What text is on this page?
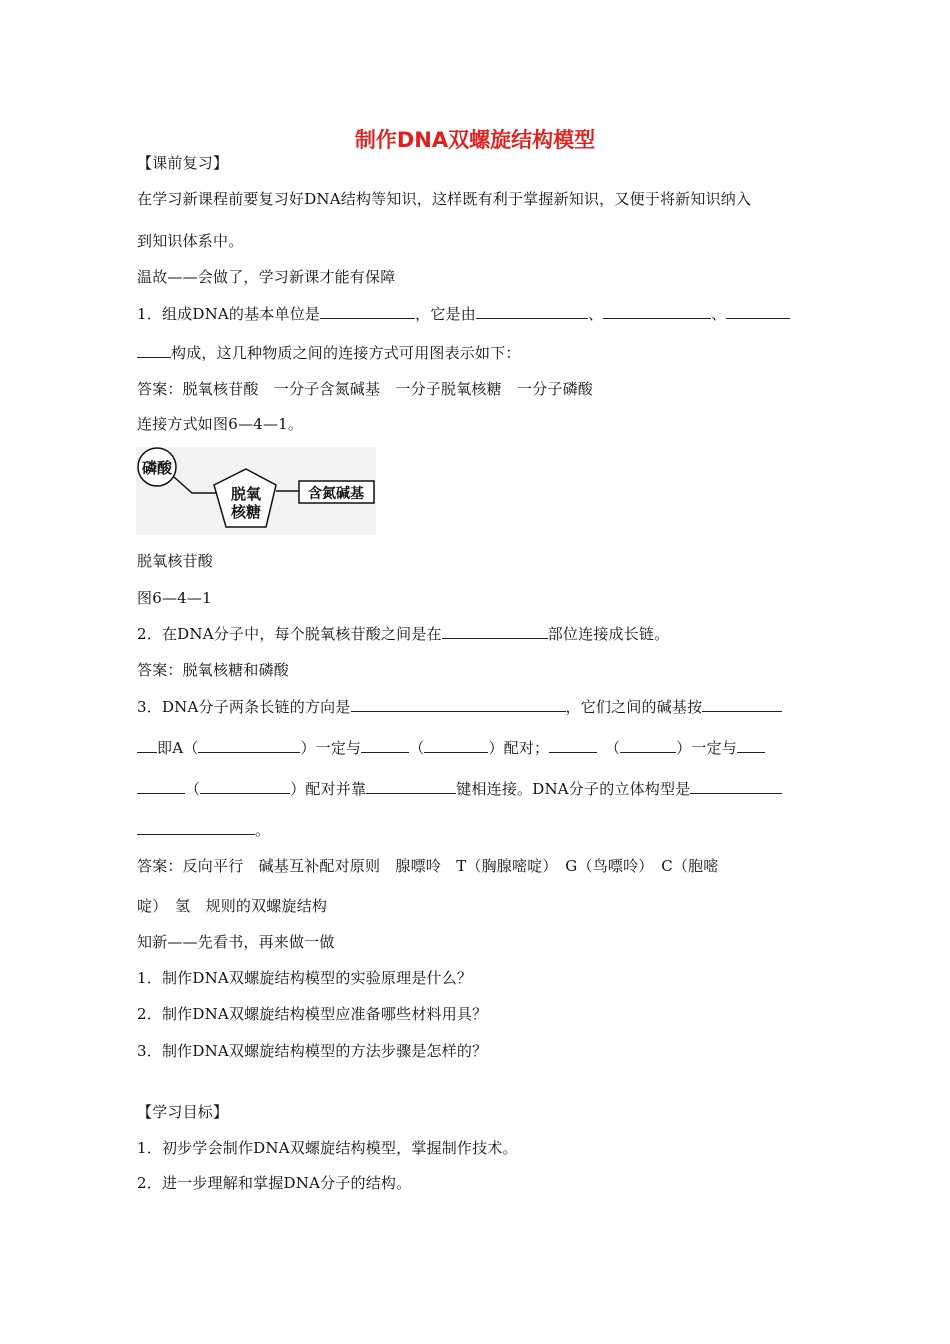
制作DNA双螺旋结构模型
【课前复习】
在学习新课程前要复习好DNA结构等知识，这样既有利于掌握新知识，又便于将新知识纳入
到知识体系中。
温故——会做了，学习新课才能有保障
1．组成DNA的基本单位是	，它是由	、	、
构成，这几种物质之间的连接方式可用图表示如下：
答案：脱氧核苷酸　一分子含氮碱基　一分子脱氧核糖　一分子磷酸
连接方式如图6—4—1。
磷酸
脱氧
核糖
含氮碱基
脱氧核苷酸
图6—4—1
2．在DNA分子中，每个脱氧核苷酸之间是在	部位连接成长链。
答案：脱氧核糖和磷酸
3．DNA分子两条长链的方向是	，它们之间的碱基按
即A（	）一定与	（	）配对；　	（	）一定与
（	）配对并靠	键相连接。DNA分子的立体构型是
。
答案：反向平行　碱基互补配对原则　腺嘌呤　T（胸腺嘧啶）　G（鸟嘌呤）　C（胞嘧
啶）　氢　规则的双螺旋结构
知新——先看书，再来做一做
1．制作DNA双螺旋结构模型的实验原理是什么？
2．制作DNA双螺旋结构模型应准备哪些材料用具？
3．制作DNA双螺旋结构模型的方法步骤是怎样的？
【学习目标】
1．初步学会制作DNA双螺旋结构模型，掌握制作技术。
2．进一步理解和掌握DNA分子的结构。
